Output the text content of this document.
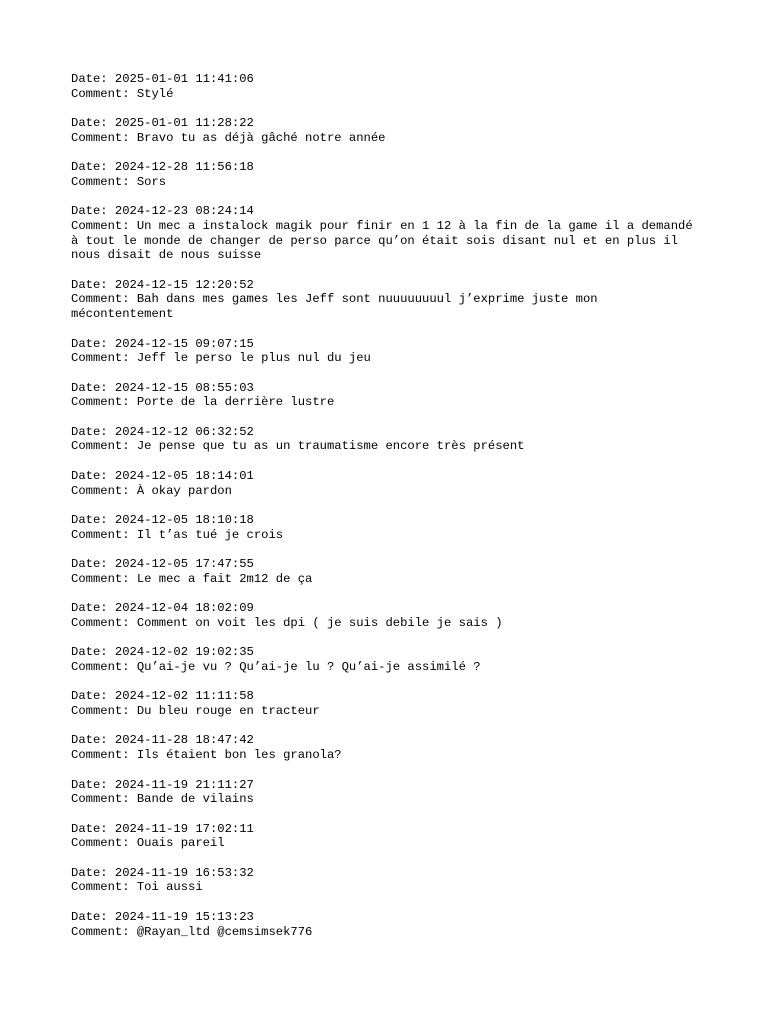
Date: 2025-01-01 11:41:06
Comment: Stylé
Date: 2025-01-01 11:28:22
Comment: Bravo tu as déjà gâché notre année
Date: 2024-12-28 11:56:18
Comment: Sors
Date: 2024-12-23 08:24:14
Comment: Un mec a instalock magik pour finir en 1 12 à la fin de la game il a demandé à tout le monde de changer de perso parce qu’on était sois disant nul et en plus il nous disait de nous suisse
Date: 2024-12-15 12:20:52
Comment: Bah dans mes games les Jeff sont nuuuuuuuul j’exprime juste mon mécontentement
Date: 2024-12-15 09:07:15
Comment: Jeff le perso le plus nul du jeu
Date: 2024-12-15 08:55:03
Comment: Porte de la derrière lustre
Date: 2024-12-12 06:32:52
Comment: Je pense que tu as un traumatisme encore très présent
Date: 2024-12-05 18:14:01
Comment: À okay pardon
Date: 2024-12-05 18:10:18
Comment: Il t’as tué je crois
Date: 2024-12-05 17:47:55
Comment: Le mec a fait 2m12 de ça
Date: 2024-12-04 18:02:09
Comment: Comment on voit les dpi ( je suis debile je sais )
Date: 2024-12-02 19:02:35
Comment: Qu’ai-je vu ? Qu’ai-je lu ? Qu’ai-je assimilé ?
Date: 2024-12-02 11:11:58
Comment: Du bleu rouge en tracteur
Date: 2024-11-28 18:47:42
Comment: Ils étaient bon les granola?
Date: 2024-11-19 21:11:27
Comment: Bande de vilains
Date: 2024-11-19 17:02:11
Comment: Ouais pareil
Date: 2024-11-19 16:53:32
Comment: Toi aussi
Date: 2024-11-19 15:13:23
Comment: @Rayan_ltd @cemsimsek776
